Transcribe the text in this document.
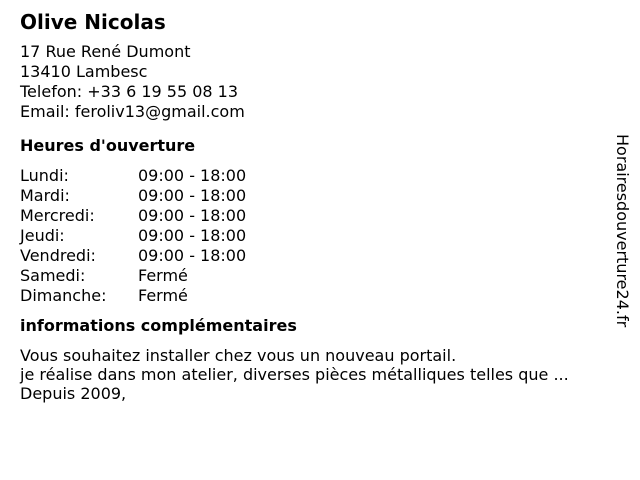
Olive Nicolas
17 Rue René Dumont
13410 Lambesc
Telefon: +33 6 19 55 08 13
Email: feroliv13@gmail.com
Heures d'ouverture
Lundi:	09:00 - 18:00
Mardi:	09:00 - 18:00
Mercredi:	09:00 - 18:00
Jeudi:	09:00 - 18:00
Vendredi:	09:00 - 18:00
Samedi:	Fermé
Dimanche:	Fermé
informations complémentaires
Vous souhaitez installer chez vous un nouveau portail.
je réalise dans mon atelier, diverses pièces métalliques telles que ...
Depuis 2009,
Horairesdouverture24.fr
